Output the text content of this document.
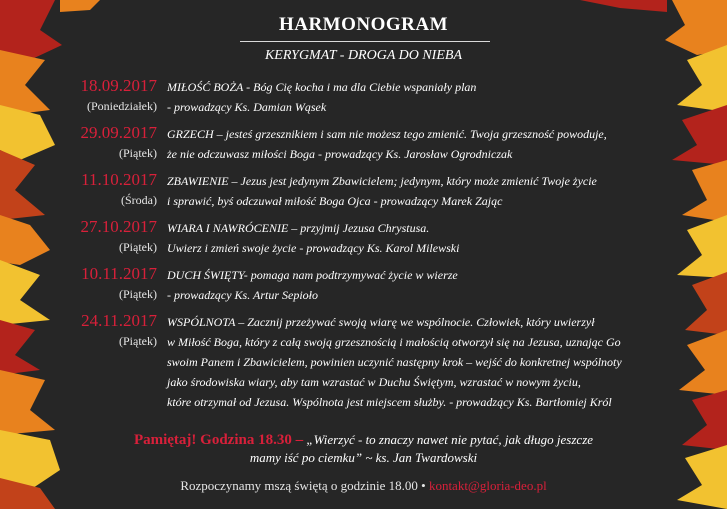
HARMONOGRAM
KERYGMAT - DROGA DO NIEBA
18.09.2017
(Poniedziałek)
MIŁOŚĆ BOŻA - Bóg Cię kocha i ma dla Ciebie wspaniały plan
- prowadzący Ks. Damian Wąsek
29.09.2017
(Piątek)
GRZECH – jesteś grzesznikiem i sam nie możesz tego zmienić. Twoja grzeszność powoduje,
że nie odczuwasz miłości Boga - prowadzący Ks. Jarosław Ogrodniczak
11.10.2017
(Środa)
ZBAWIENIE – Jezus jest jedynym Zbawicielem; jedynym, który może zmienić Twoje życie
i sprawić, byś odczuwał miłość Boga Ojca - prowadzący Marek Zając
27.10.2017
(Piątek)
WIARA I NAWRÓCENIE – przyjmij Jezusa Chrystusa.
Uwierz i zmień swoje życie - prowadzący Ks. Karol Milewski
10.11.2017
(Piątek)
DUCH ŚWIĘTY- pomaga nam podtrzymywać życie w wierze
- prowadzący Ks. Artur Sepioło
24.11.2017
(Piątek)
WSPÓLNOTA – Zacznij przeżywać swoją wiarę we wspólnocie. Człowiek, który uwierzył
w Miłość Boga, który z całą swoją grzesznością i małością otworzył się na Jezusa, uznając Go
swoim Panem i Zbawicielem, powinien uczynić następny krok – wejść do konkretnej wspólnoty
jako środowiska wiary, aby tam wzrastać w Duchu Świętym, wzrastać w nowym życiu,
które otrzymał od Jezusa. Wspólnota jest miejscem służby. - prowadzący Ks. Bartłomiej Król
Pamiętaj! Godzina 18.30 – „Wierzyć - to znaczy nawet nie pytać, jak długo jeszcze
mamy iść po ciemku” ~ ks. Jan Twardowski
Rozpoczynamy mszą świętą o godzinie 18.00 • kontakt@gloria-deo.pl
